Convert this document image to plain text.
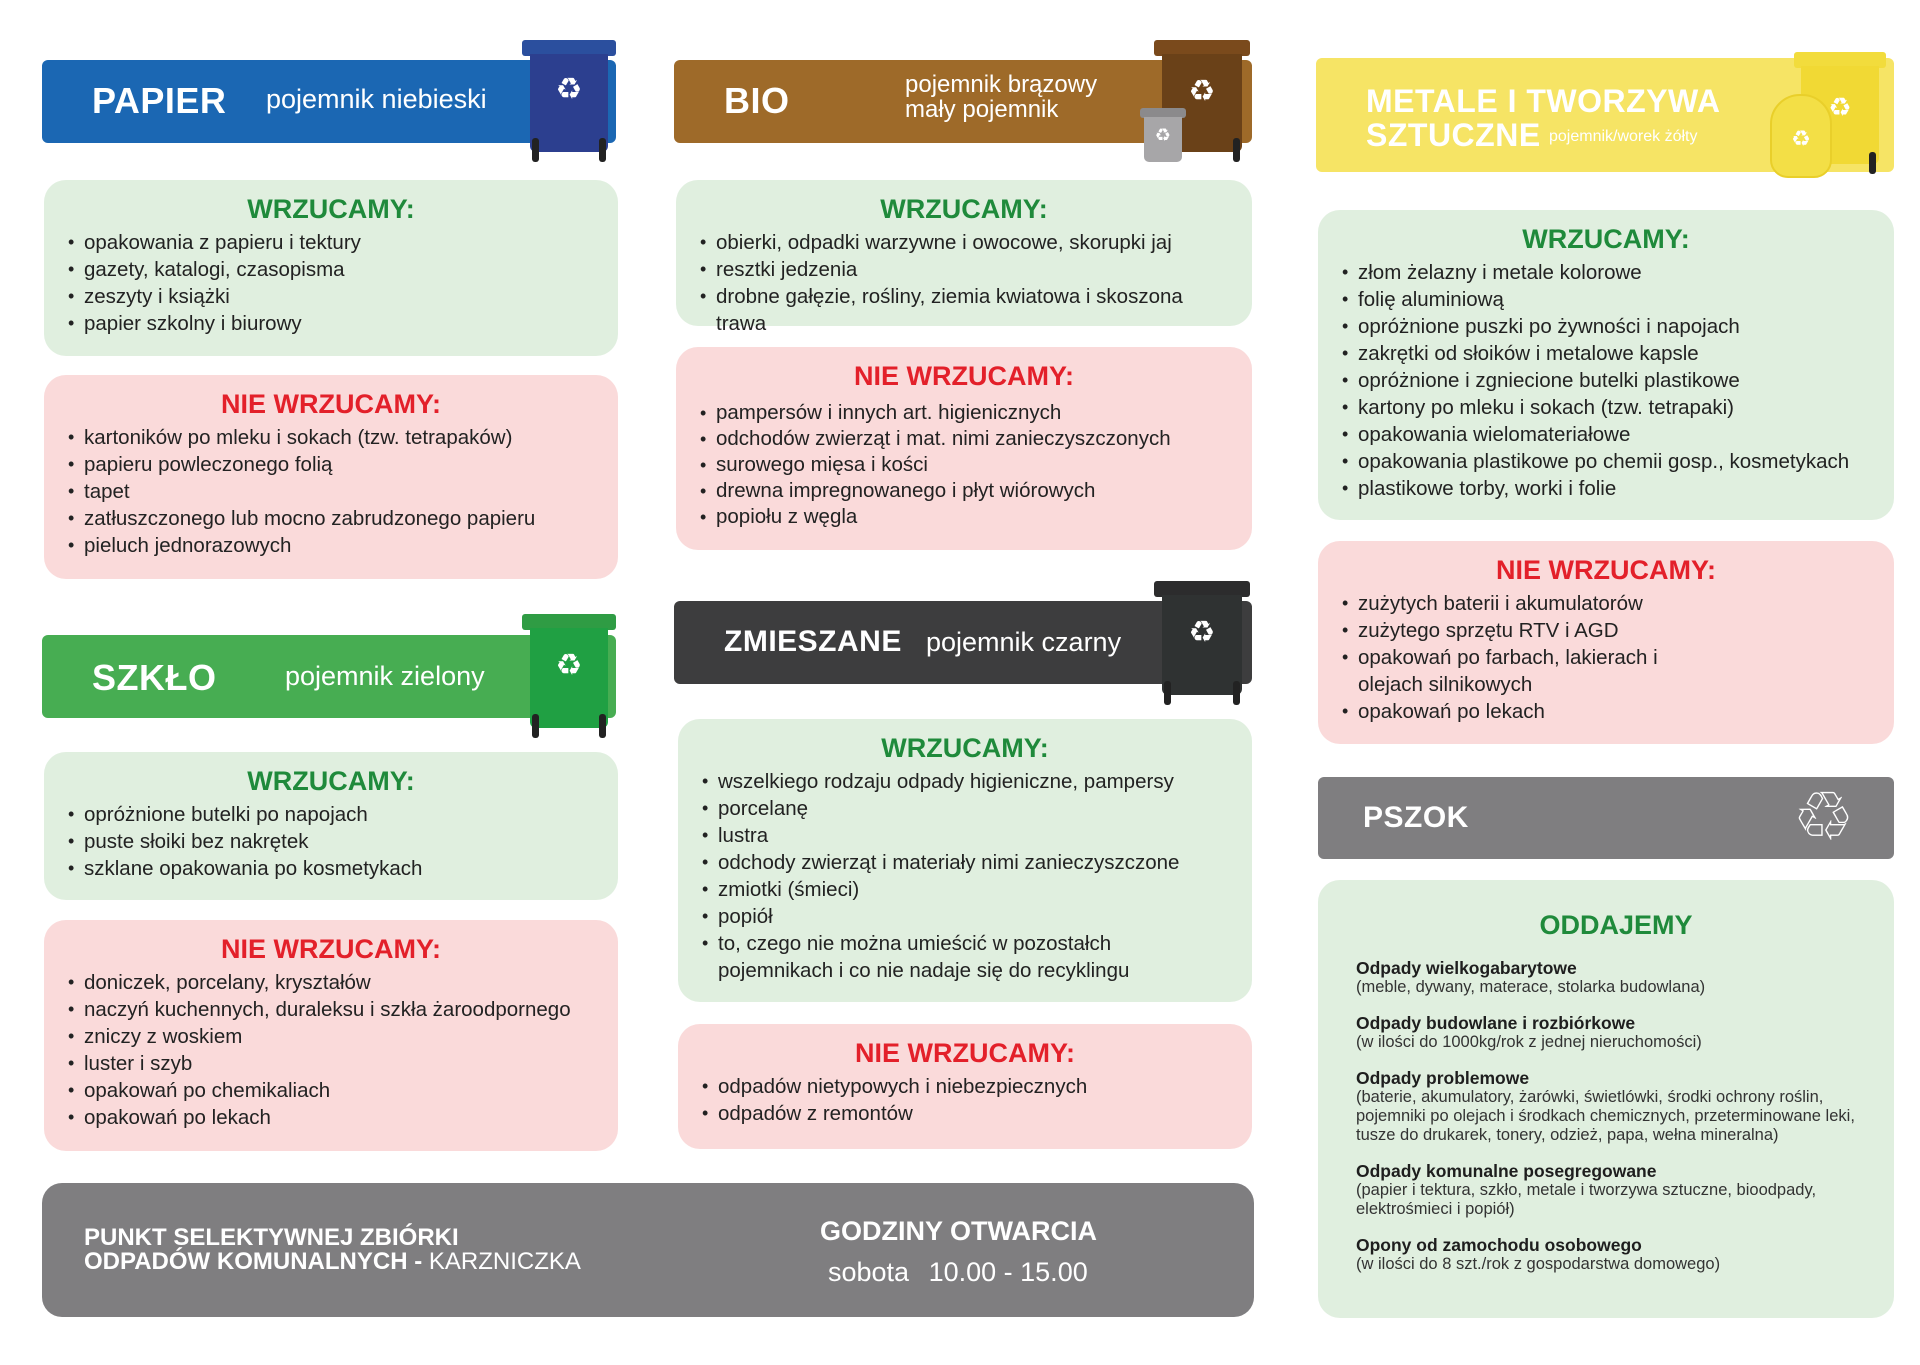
PAPIER pojemnik niebieski	♻
WRZUCAMY:
• opakowania z papieru i tektury
• gazety, katalogi, czasopisma
• zeszyty i książki
• papier szkolny i biurowy
NIE WRZUCAMY:
• kartoników po mleku i sokach (tzw. tetrapaków)
• papieru powleczonego folią
• tapet
• zatłuszczonego lub mocno zabrudzonego papieru
• pieluch jednorazowych
SZKŁO	pojemnik zielony	♻
WRZUCAMY:
• opróżnione butelki po napojach
• puste słoiki bez nakrętek
• szklane opakowania po kosmetykach
NIE WRZUCAMY:
• doniczek, porcelany, kryształów
• naczyń kuchennych, duraleksu i szkła żaroodpornego
• zniczy z woskiem
• luster i szyb
• opakowań po chemikaliach
• opakowań po lekach
BIO	pojemnik brązowy
mały pojemnik
♻
♻
WRZUCAMY:
• obierki, odpadki warzywne i owocowe, skorupki jaj
• resztki jedzenia
• drobne gałęzie, rośliny, ziemia kwiatowa i skoszona trawa
NIE WRZUCAMY:
• pampersów i innych art. higienicznych
• odchodów zwierząt i mat. nimi zanieczyszczonych
• surowego mięsa i kości
• drewna impregnowanego i płyt wiórowych
• popiołu z węgla
ZMIESZANE pojemnik czarny	♻
WRZUCAMY:
• wszelkiego rodzaju odpady higieniczne, pampersy
• porcelanę
• lustra
• odchody zwierząt i materiały nimi zanieczyszczone
• zmiotki (śmieci)
• popiół
• to, czego nie można umieścić w pozostałch pojemnikach i co nie nadaje się do recyklingu
NIE WRZUCAMY:
• odpadów nietypowych i niebezpiecznych
• odpadów z remontów
METALE I TWORZYWA
SZTUCZNE pojemnik/worek żółty
♻
♻
WRZUCAMY:
• złom żelazny i metale kolorowe
• folię aluminiową
• opróżnione puszki po żywności i napojach
• zakrętki od słoików i metalowe kapsle
• opróżnione i zgniecione butelki plastikowe
• kartony po mleku i sokach (tzw. tetrapaki)
• opakowania wielomateriałowe
• opakowania plastikowe po chemii gosp., kosmetykach
• plastikowe torby, worki i folie
NIE WRZUCAMY:
• zużytych baterii i akumulatorów
• zużytego sprzętu RTV i AGD
• opakowań po farbach, lakierach i olejach silnikowych
• opakowań po lekach
PSZOK	♲
ODDAJEMY
Odpady wielkogabarytowe
(meble, dywany, materace, stolarka budowlana)
Odpady budowlane i rozbiórkowe
(w ilości do 1000kg/rok z jednej nieruchomości)
Odpady problemowe
(baterie, akumulatory, żarówki, świetlówki, środki ochrony roślin, pojemniki po olejach i środkach chemicznych, przeterminowane leki, tusze do drukarek, tonery, odzież, papa, wełna mineralna)
Odpady komunalne posegregowane
(papier i tektura, szkło, metale i tworzywa sztuczne, bioodpady, elektrośmieci i popiół)
Opony od zamochodu osobowego
(w ilości do 8 szt./rok z gospodarstwa domowego)
PUNKT SELEKTYWNEJ ZBIÓRKI
ODPADÓW KOMUNALNYCH - KARZNICZKA
GODZINY OTWARCIA
sobota 10.00 - 15.00
